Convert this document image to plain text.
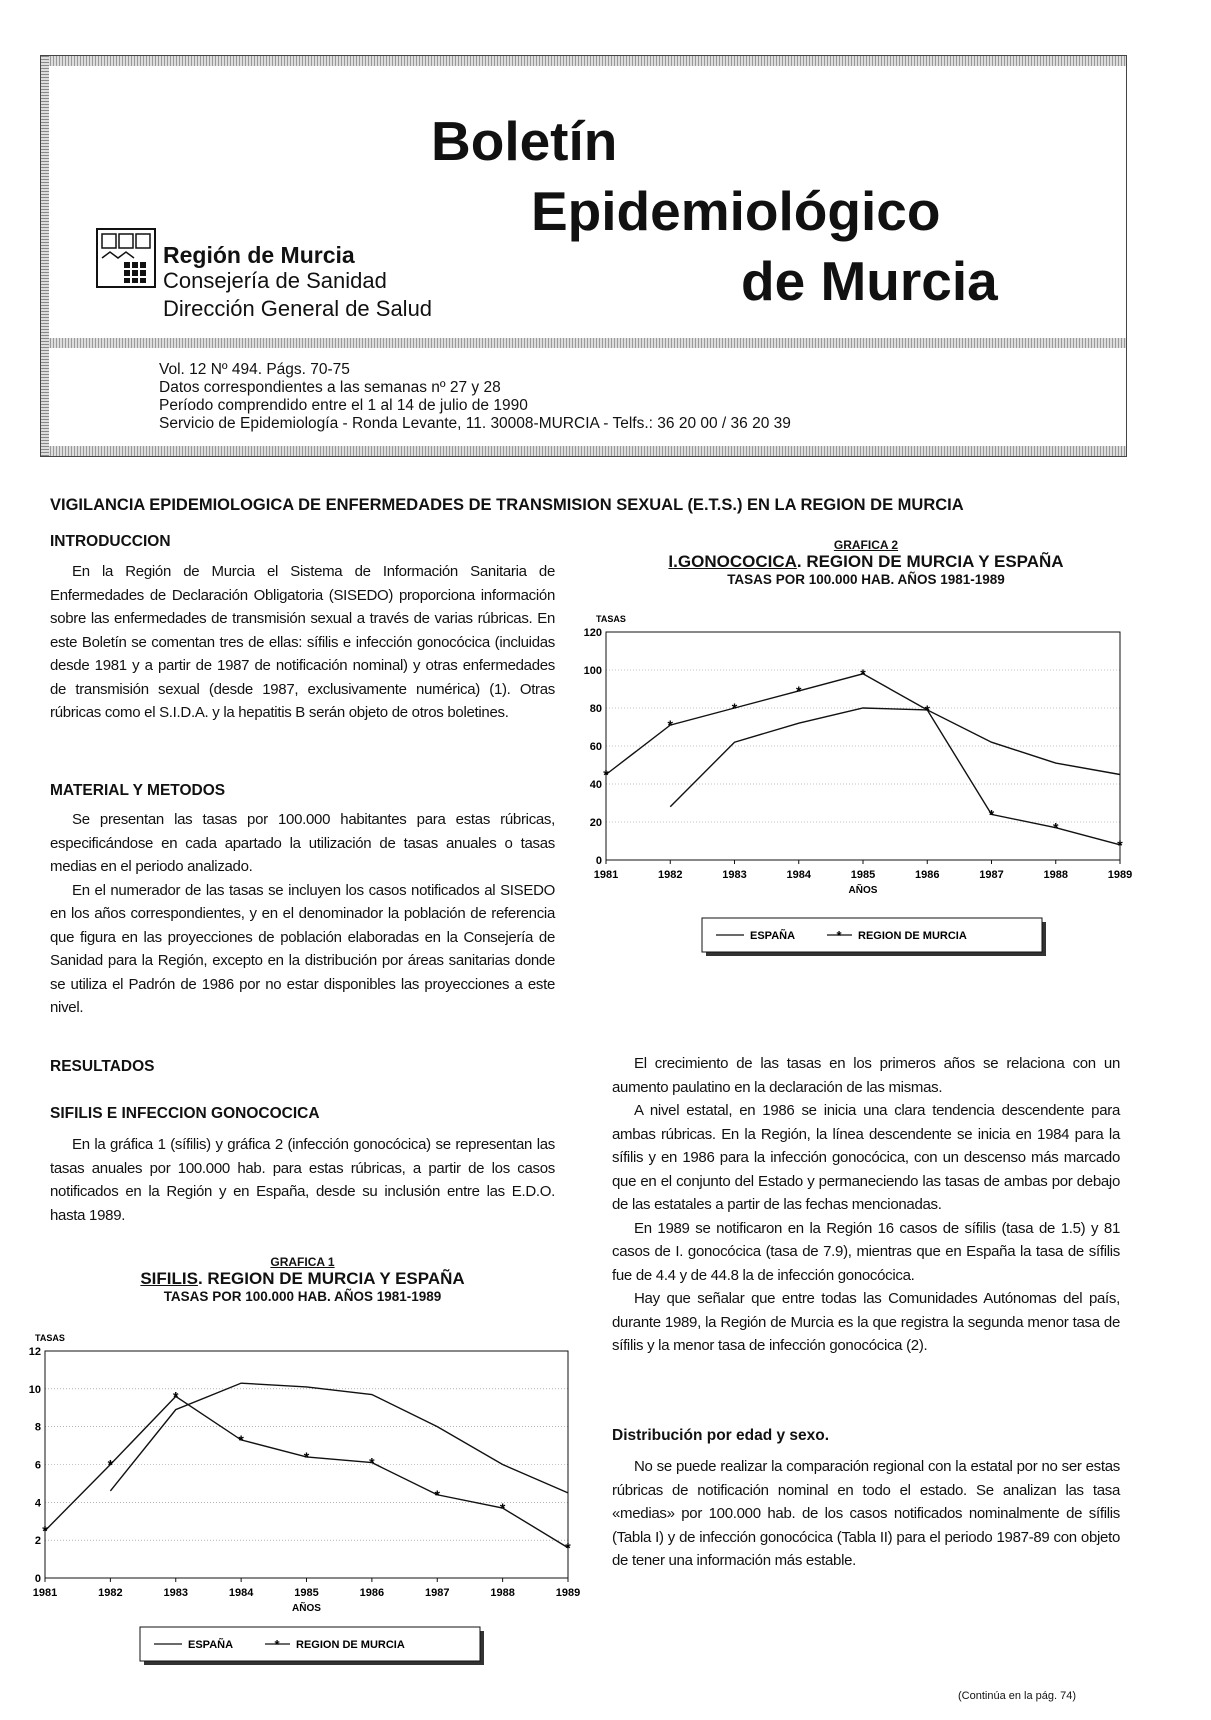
Boletín
Epidemiológico
de Murcia
Región de Murcia
Consejería de Sanidad
Dirección General de Salud
Vol. 12 Nº 494. Págs. 70-75
Datos correspondientes a las semanas nº 27 y 28
Período comprendido entre el 1 al 14 de julio de 1990
Servicio de Epidemiología - Ronda Levante, 11. 30008-MURCIA - Telfs.: 36 20 00 / 36 20 39
VIGILANCIA EPIDEMIOLOGICA DE ENFERMEDADES DE TRANSMISION SEXUAL (E.T.S.) EN LA REGION DE MURCIA
INTRODUCCION
En la Región de Murcia el Sistema de Información Sanitaria de Enfermedades de Declaración Obligatoria (SISEDO) proporciona información sobre las enfermedades de transmisión sexual a través de varias rúbricas. En este Boletín se comentan tres de ellas: sífilis e infección gonocócica (incluidas desde 1981 y a partir de 1987 de notificación nominal) y otras enfermedades de transmisión sexual (desde 1987, exclusivamente numérica) (1). Otras rúbricas como el S.I.D.A. y la hepatitis B serán objeto de otros boletines.
MATERIAL Y METODOS
Se presentan las tasas por 100.000 habitantes para estas rúbricas, especificándose en cada apartado la utilización de tasas anuales o tasas medias en el periodo analizado.
En el numerador de las tasas se incluyen los casos notificados al SISEDO en los años correspondientes, y en el denominador la población de referencia que figura en las proyecciones de población elaboradas en la Consejería de Sanidad para la Región, excepto en la distribución por áreas sanitarias donde se utiliza el Padrón de 1986 por no estar disponibles las proyecciones a este nivel.
RESULTADOS
SIFILIS E INFECCION GONOCOCICA
En la gráfica 1 (sífilis) y gráfica 2 (infección gonocócica) se representan las tasas anuales por 100.000 hab. para estas rúbricas, a partir de los casos notificados en la Región y en España, desde su inclusión entre las E.D.O. hasta 1989.
El crecimiento de las tasas en los primeros años se relaciona con un aumento paulatino en la declaración de las mismas.
A nivel estatal, en 1986 se inicia una clara tendencia descendente para ambas rúbricas. En la Región, la línea descendente se inicia en 1984 para la sífilis y en 1986 para la infección gonocócica, con un descenso más marcado que en el conjunto del Estado y permaneciendo las tasas de ambas por debajo de las estatales a partir de las fechas mencionadas.
En 1989 se notificaron en la Región 16 casos de sífilis (tasa de 1.5) y 81 casos de I. gonocócica (tasa de 7.9), mientras que en España la tasa de sífilis fue de 4.4 y de 44.8 la de infección gonocócica.
Hay que señalar que entre todas las Comunidades Autónomas del país, durante 1989, la Región de Murcia es la que registra la segunda menor tasa de sífilis y la menor tasa de infección gonocócica (2).
Distribución por edad y sexo.
No se puede realizar la comparación regional con la estatal por no ser estas rúbricas de notificación nominal en todo el estado. Se analizan las tasa «medias» por 100.000 hab. de los casos notificados nominalmente de sífilis (Tabla I) y de infección gonocócica (Tabla II) para el periodo 1987-89 con objeto de tener una información más estable.
GRAFICA 2
I.GONOCOCICA. REGION DE MURCIA Y ESPAÑA
TASAS POR 100.000 HAB. AÑOS 1981-1989
TASAS
0
20
40
60
80
100
120
1981	1982	1983	1984	1985	1986	1987	1988	1989
AÑOS
*
*
*
*
*
*
*
*
*
ESPAÑA	* REGION DE MURCIA
GRAFICA 1
SIFILIS. REGION DE MURCIA Y ESPAÑA
TASAS POR 100.000 HAB. AÑOS 1981-1989
TASAS
0
2
4
6
8
10
12
1981	1982	1983	1984	1985	1986	1987	1988	1989
AÑOS
*
*
*
*
*	*
*
*
*
ESPAÑA	* REGION DE MURCIA
(Continúa en la pág. 74)
